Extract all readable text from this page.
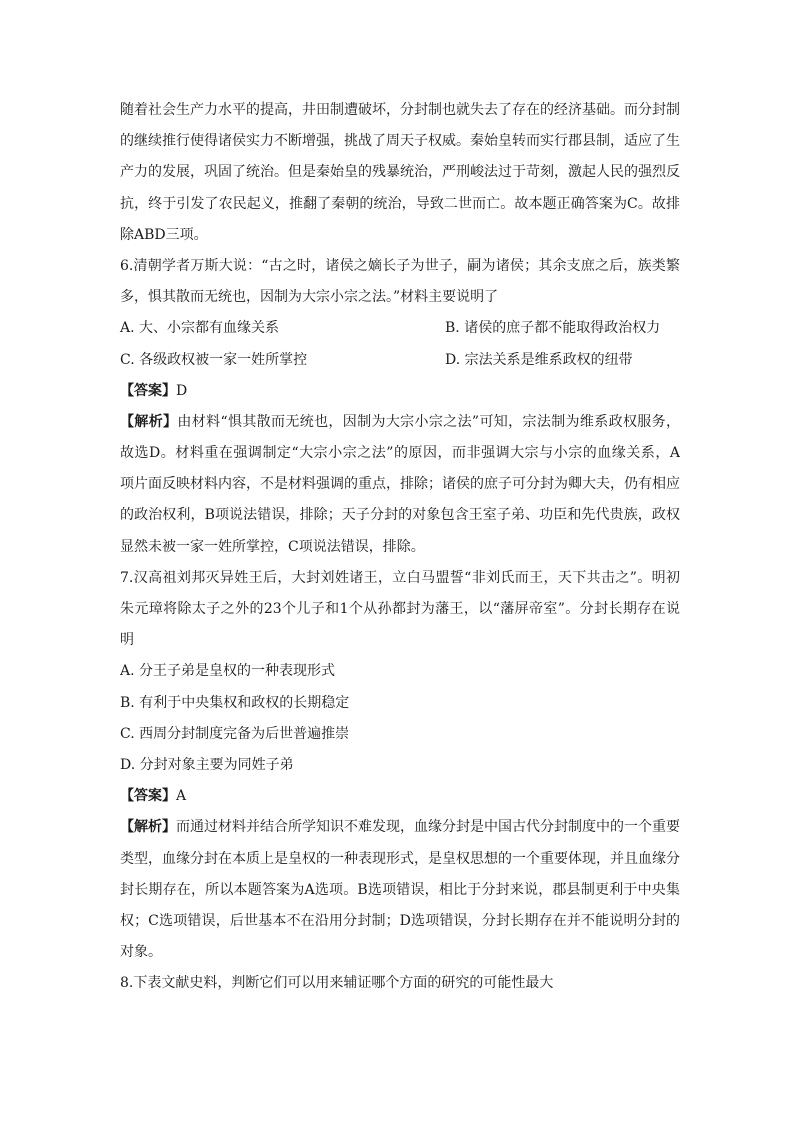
随着社会生产力水平的提高，井田制遭破坏，分封制也就失去了存在的经济基础。而分封制
的继续推行使得诸侯实力不断增强，挑战了周天子权威。秦始皇转而实行郡县制，适应了生
产力的发展，巩固了统治。但是秦始皇的残暴统治，严刑峻法过于苛刻，激起人民的强烈反
抗，终于引发了农民起义，推翻了秦朝的统治，导致二世而亡。故本题正确答案为C。故排
除ABD三项。
6.清朝学者万斯大说：“古之时，诸侯之嫡长子为世子，嗣为诸侯；其余支庶之后，族类繁
多，惧其散而无统也，因制为大宗小宗之法。”材料主要说明了
A. 大、小宗都有血缘关系	B. 诸侯的庶子都不能取得政治权力
C. 各级政权被一家一姓所掌控	D. 宗法关系是维系政权的纽带
【答案】D
【解析】由材料“惧其散而无统也，因制为大宗小宗之法”可知，宗法制为维系政权服务，
故选D。材料重在强调制定“大宗小宗之法”的原因，而非强调大宗与小宗的血缘关系，A
项片面反映材料内容，不是材料强调的重点，排除；诸侯的庶子可分封为卿大夫，仍有相应
的政治权利，B项说法错误，排除；天子分封的对象包含王室子弟、功臣和先代贵族，政权
显然未被一家一姓所掌控，C项说法错误，排除。
7.汉高祖刘邦灭异姓王后，大封刘姓诸王，立白马盟誓“非刘氏而王，天下共击之”。明初
朱元璋将除太子之外的23个儿子和1个从孙都封为藩王，以“藩屏帝室”。分封长期存在说
明
A. 分王子弟是皇权的一种表现形式
B. 有利于中央集权和政权的长期稳定
C. 西周分封制度完备为后世普遍推崇
D. 分封对象主要为同姓子弟
【答案】A
【解析】而通过材料并结合所学知识不难发现，血缘分封是中国古代分封制度中的一个重要
类型，血缘分封在本质上是皇权的一种表现形式，是皇权思想的一个重要体现，并且血缘分
封长期存在，所以本题答案为A选项。B选项错误，相比于分封来说，郡县制更利于中央集
权；C选项错误，后世基本不在沿用分封制；D选项错误，分封长期存在并不能说明分封的
对象。
8.下表文献史料，判断它们可以用来辅证哪个方面的研究的可能性最大
